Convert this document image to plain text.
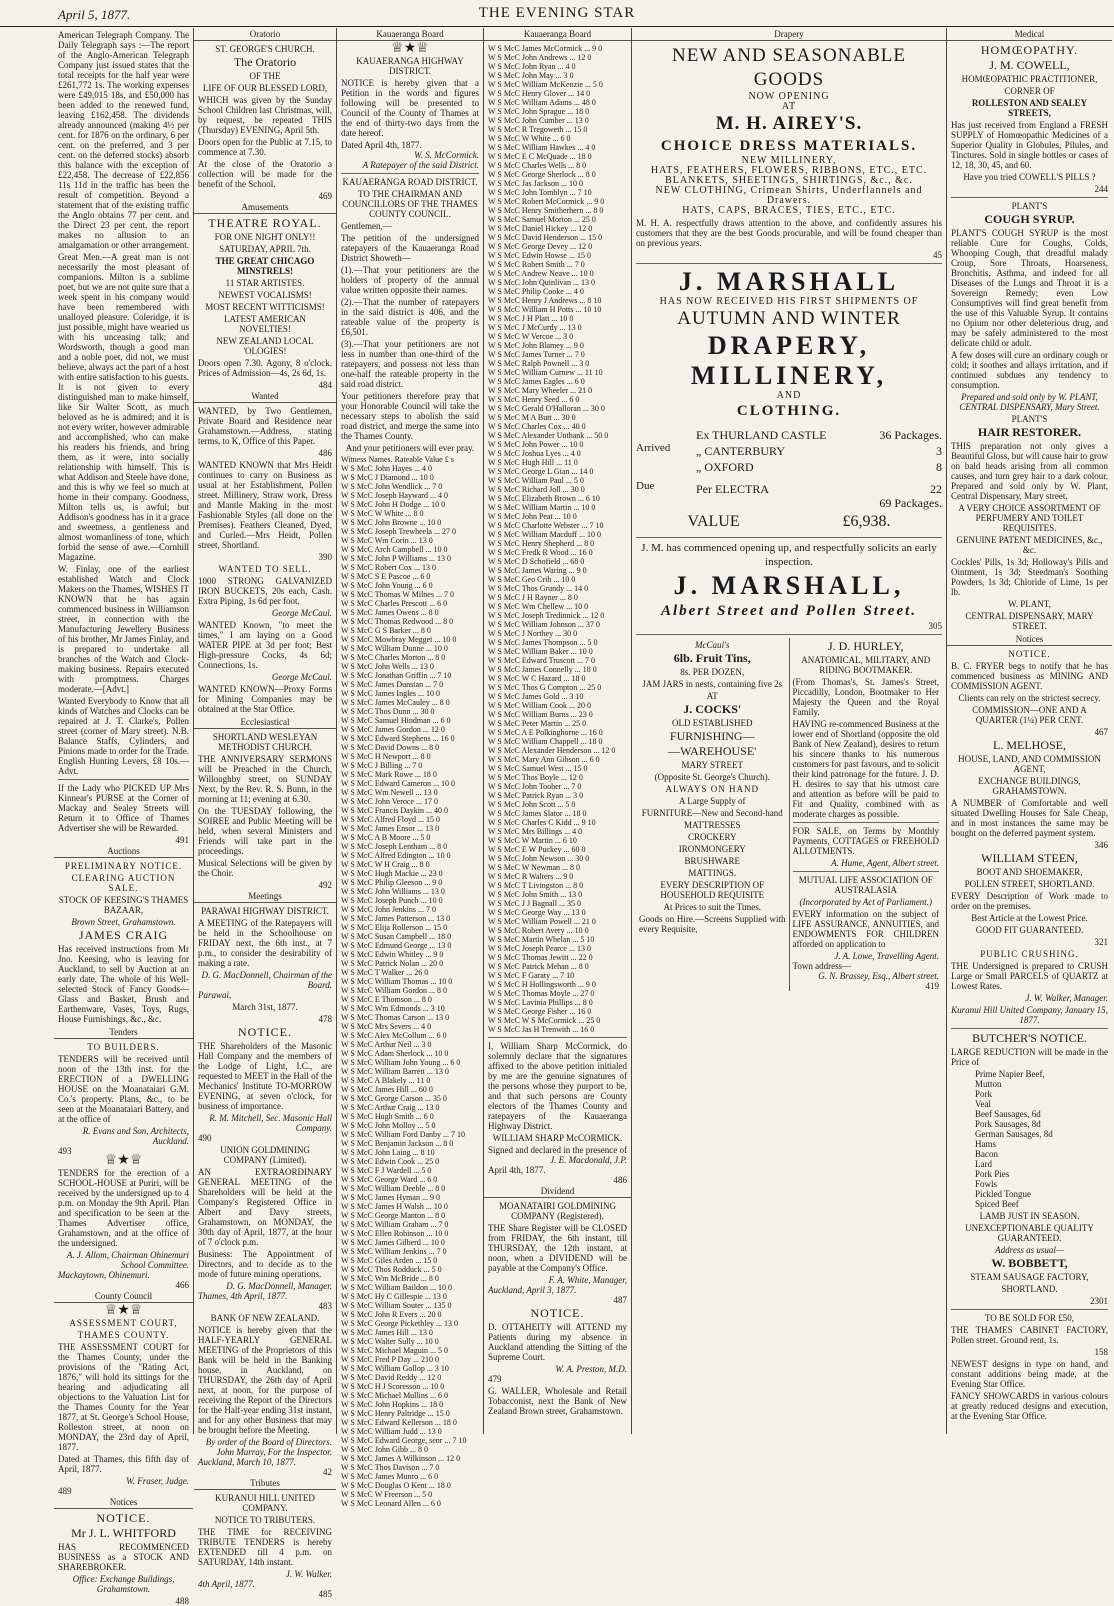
April 5, 1877.	THE EVENING STAR

American Telegraph Company. The Daily Telegraph says :—The report of the Anglo-American Telegraph Company just issued states that the total receipts for the half year were £261,772 1s. The working expenses were £49,015 18s, and £50,000 has been added to the renewed fund, leaving £162,458. The dividends already announced (making 4½ per cent. for 1876 on the ordinary, 6 per cent. on the preferred, and 3 per cent. on the deferred stocks) absorb this balance with the exception of £22,458. The decrease of £22,856 11s 11d in the traffic has been the result of competition. Beyond a statement that of the existing traffic the Anglo obtains 77 per cent. and the Direct 23 per cent. the report makes no allusion to an amalgamation or other arrangement.

Great Men.—A great man is not necessarily the most pleasant of companions. Milton is a sublime poet, but we are not quite sure that a week spent in his company would have been remembered with unalloyed pleasure. Coleridge, it is just possible, might have wearied us with his unceasing talk; and Wordsworth, though a good man and a noble poet, did not, we must believe, always act the part of a host with entire satisfaction to his guests. It is not given to every distinguished man to make himself, like Sir Walter Scott, as much beloved as he is admired; and it is not every writer, however admirable and accomplished, who can make his readers his friends, and bring them, as it were, into socially relationship with himself. This is what Addison and Steele have done, and this is why we feel so much at home in their company. Goodness, Milton tells us, is awful; but Addison's goodness has in it a grace and sweetness, a gentleness and almost womanliness of tone, which forbid the sense of awe.—Cornhill Magazine.

W. Finlay, one of the earliest established Watch and Clock Makers on the Thames, WISHES IT KNOWN that he has again commenced business in Williamson street, in connection with the Manufacturing Jewellery Business of his brother, Mr James Finlay, and is prepared to undertake all branches of the Watch and Clock-making business. Repairs executed with promptness. Charges moderate.—[Advt.]

Wanted Everybody to Know that all kinds of Watches and Clocks can be repaired at J. T. Clarke's, Pollen street (corner of Mary street). N.B. Balance Staffs, Cylinders, and Pinions made to order for the Trade. English Hunting Levers, £8 10s.—Advt.

If the Lady who PICKED UP Mrs Kinnear's PURSE at the Corner of Mackay and Sealey Streets will Return it to Office of Thames Advertiser she will be Rewarded.

491
Auctions
PRELIMINARY NOTICE.
CLEARING AUCTION SALE.
STOCK OF KEESING'S THAMES BAZAAR,
Brown Street, Grahamstown.
JAMES CRAIG

Has received instructions from Mr Jno. Keesing, who is leaving for Auckland, to sell by Auction at an early date, The whole of his Well-selected Stock of Fancy Goods—Glass and Basket, Brush and Earthenware, Vases, Toys, Rugs, House Furnishings, &c., &c.

Tenders
TO BUILDERS.

TENDERS will be received until noon of the 13th inst. for the ERECTION of a DWELLING HOUSE on the Moanataiari G.M. Co.'s property. Plans, &c., to be seen at the Moanataiari Battery, and at the office of

R. Evans and Son, Architects, Auckland.
493
♕★♕

TENDERS for the erection of a SCHOOL-HOUSE at Puriri, will be received by the undersigned up to 4 p.m. on Monday the 9th April. Plan and specification to be seen at the Thames Advertiser office, Grahamstown, and at the office of the undersigned.

A. J. Allom, Chairman Ohinemuri School Committee.
Mackaytown, Ohinemuri.
466
County Council
♕★♕
ASSESSMENT COURT,
THAMES COUNTY.

THE ASSESSMENT COURT for the Thames County, under the provisions of the "Rating Act, 1876," will hold its sittings for the hearing and adjudicating all objections to the Valuation List for the Thames County for the Year 1877, at St. George's School House, Rolleston street, at noon on MONDAY, the 23rd day of April, 1877.

Dated at Thames, this fifth day of April, 1877.

W. Fraser, Judge.
489
Notices
NOTICE.
Mr J. L. WHITFORD

HAS RECOMMENCED BUSINESS as a STOCK AND SHAREBROKER.

Office: Exchange Buildings, Grahamstown.
488
Oratorio
ST. GEORGE'S CHURCH.
The Oratorio
OF THE
LIFE OF OUR BLESSED LORD,

WHICH was given by the Sunday School Children last Christmas, will, by request, be repeated THIS (Thursday) EVENING, April 5th.

Doors open for the Public at 7.15, to commence at 7.30.

At the close of the Oratorio a collection will be made for the benefit of the School.

469
Amusements
THEATRE ROYAL.
FOR ONE NIGHT ONLY!!
SATURDAY, APRIL 7th.
THE GREAT CHICAGO MINSTRELS!
11 STAR ARTISTES.
NEWEST VOCALISMS!
MOST RECENT WITTICISMS!
LATEST AMERICAN NOVELTIES!
NEW ZEALAND LOCAL 'OLOGIES!

Doors open 7.30. Agony, 8 o'clock. Prices of Admission—4s, 2s 6d, 1s.

484
Wanted

WANTED, by Two Gentlemen, Private Board and Residence near Grahamstown.—Address, stating terms, to K, Office of this Paper.

486

WANTED KNOWN that Mrs Heidt continues to carry on Business as usual at her Establishment, Pollen street. Millinery, Straw work, Dress and Mantle Making in the most Fashionable Styles (all done on the Premises). Feathers Cleaned, Dyed, and Curled.—Mrs Heidt, Pollen street, Shortland.

390
WANTED TO SELL.

1000 STRONG GALVANIZED IRON BUCKETS, 20s each, Cash. Extra Piping, 1s 6d per foot.

George McCaul.

WANTED Known, "to meet the times," I am laying on a Good WATER PIPE at 3d per foot; Best High-pressure Cocks, 4s 6d; Connections, 1s.

George McCaul.

WANTED KNOWN—Proxy Forms for Mining Companies may be obtained at the Star Office.

Ecclesiastical
SHORTLAND WESLEYAN METHODIST CHURCH.

THE ANNIVERSARY SERMONS will be Preached in the Church, Willoughby street, on SUNDAY Next, by the Rev. R. S. Bunn, in the morning at 11; evening at 6.30.

On the TUESDAY following, the SOIREE and Public Meeting will be held, when several Ministers and Friends will take part in the proceedings.

Musical Selections will be given by the Choir.

492
Meetings
PARAWAI HIGHWAY DISTRICT.

A MEETING of the Ratepayers will be held in the Schoolhouse on FRIDAY next, the 6th inst., at 7 p.m., to consider the desirability of making a rate.

D. G. MacDonnell, Chairman of the Board.
Parawai,
March 31st, 1877.
478
NOTICE.

THE Shareholders of the Masonic Hall Company and the members of the Lodge of Light, I.C., are requested to MEET in the Hall of the Mechanics' Institute TO-MORROW EVENING, at seven o'clock, for business of importance.

R. M. Mitchell, Sec. Masonic Hall Company.
490
UNION GOLDMINING COMPANY (Limited).

AN EXTRAORDINARY GENERAL MEETING of the Shareholders will be held at the Company's Registered Office in Albert and Davy streets, Grahamstown, on MONDAY, the 30th day of April, 1877, at the hour of 7 o'clock p.m.

Business: The Appointment of Directors, and to decide as to the mode of future mining operations.

D. G. MacDonnell, Manager.
Thames, 4th April, 1877.
483
BANK OF NEW ZEALAND.

NOTICE is hereby given that the HALF-YEARLY GENERAL MEETING of the Proprietors of this Bank will be held in the Banking house, in Auckland, on THURSDAY, the 26th day of April next, at noon, for the purpose of receiving the Report of the Directors for the Half-year ending 31st instant, and for any other Business that may be brought before the Meeting.

By order of the Board of Directors. John Murray, For the Inspector.
Auckland, March 10, 1877.
42
Tributes
KURANUI HILL UNITED COMPANY.
NOTICE TO TRIBUTERS.

THE TIME for RECEIVING TRIBUTE TENDERS is hereby EXTENDED till 4 p.m. on SATURDAY, 14th instant.

J. W. Walker.
4th April, 1877.
485
Kauaeranga Board
♕★♕
KAUAERANGA HIGHWAY DISTRICT.

NOTICE is hereby given that a Petition in the words and figures following will be presented to Council of the County of Thames at the end of thirty-two days from the date hereof.

Dated April 4th, 1877.
W. S. McCormick.
A Ratepayer of the said District.
KAUAERANGA ROAD DISTRICT.
TO THE CHAIRMAN AND COUNCILLORS OF THE THAMES COUNTY COUNCIL.
Gentlemen,—

The petition of the undersigned ratepayers of the Kauaeranga Road District Showeth—

(1).—That your petitioners are the holders of property of the annual value written opposite their names.

(2).—That the number of ratepayers in the said district is 406, and the rateable value of the property is £6,501.

(3).—That your petitioners are not less in number than one-third of the ratepayers, and possess not less than one-half the rateable property in the said road district.

Your petitioners therefore pray that your Honorable Council will take the necessary steps to abolish the said road district, and merge the same into the Thames County.

And your petitioners will ever pray.
Witness Names. Rateable Value £ s
W S McC John Hayes ... 4 0
W S McC J Diamond ... 10 0
W S McC John Wendlick ... 7 0
W S McC Joseph Hayward ... 4 0
W S McC John H Dodge ... 10 0
W S McC W White ... 8 0
W S McC John Browne ... 10 0
W S McC Joseph Trewheela ... 27 0
W S McC Wm Corin ... 13 0
W S McC Arch Campbell ... 10 0
W S McC John P Williams ... 13 0
W S McC Robert Cox ... 13 0
W S McC S E Pascoe ... 6 0
W S McC John Young ... 6 0
W S McC Thomas W Milnes ... 7 0
W S McC Charles Prescott ... 6 0
W S McC James Owens ... 8 0
W S McC Thomas Redwood ... 8 0
W S McC G S Barker ... 8 0
W S McC Mowbray Megget ... 10 0
W S McC William Dunne ... 10 0
W S McC Charles Morton ... 8 0
W S McC John Wells ... 13 0
W S McC Jonathan Griffin ... 7 10
W S McC James Dunstan ... 7 0
W S McC James Ingles ... 10 0
W S McC James McCauley ... 8 0
W S McC Thos Dunn ... 30 0
W S McC Samuel Hindman ... 6 0
W S McC James Gordon ... 12 0
W S McC Edward Stephens ... 16 0
W S McC David Downs ... 8 0
W S McC H Newport ... 8 0
W S McC J Billing ... 7 0
W S McC Mark Rowe ... 18 0
W S McC Edward Cameron ... 10 0
W S McC Wm Newell ... 13 0
W S McC John Veroce ... 17 0
W S McC Francis Daykin ... 40 0
W S McC Alfred Floyd ... 15 0
W S McC James Ensor ... 13 0
W S McC A B Moore ... 5 0
W S McC Joseph Lentham ... 8 0
W S McC Alfred Edington ... 10 0
W S McC W H Craig ... 8 0
W S McC Hugh Mackie ... 23 0
W S McC Philip Gleeson ... 9 0
W S McC John Williams ... 13 0
W S McC Joseph Punch ... 10 0
W S McC John Jenkins ... 7 0
W S McC James Patterson ... 13 0
W S McC Elija Rollerson ... 15 0
W S McC Susan Campbell ... 18 0
W S McC Edmund George ... 13 0
W S McC Edwin Whitley ... 9 0
W S McC Patrick Nolan ... 20 0
W S McC T Walker ... 26 0
W S McC William Thomas ... 10 0
W S McC William Gordon ... 8 0
W S McC E Thomson ... 8 0
W S McC Wm Edmonds ... 3 10
W S McC Thomas Carson ... 13 0
W S McC Mrs Severs ... 4 0
W S McC Alex McCollum ... 6 0
W S McC Arthur Neil ... 3 0
W S McC Adam Sherlock ... 10 0
W S McC William John Young ... 6 0
W S McC William Barrett ... 13 0
W S McC A Blakely ... 11 0
W S McC James Hill ... 60 0
W S McC George Carson ... 35 0
W S McC Arthur Craig ... 13 0
W S McC Hugh Smith ... 6 0
W S McC John Molloy ... 5 0
W S McC William Ford Danby ... 7 10
W S McC Benjamin Jackson ... 8 0
W S McC John Laing ... 8 10
W S McC Edwin Cook ... 25 0
W S McC F J Wardell ... 5 0
W S McC George Ward ... 6 0
W S McC William Deeble ... 8 0
W S McC James Hyman ... 9 0
W S McC James H Walsh ... 10 0
W S McC George Manton ... 8 0
W S McC William Graham ... 7 0
W S McC Ellen Robinson ... 10 0
W S McC James Gilberd ... 10 0
W S McC William Jenkins ... 7 0
W S McC Giles Arden ... 15 0
W S McC Thos Rodduck ... 5 0
W S McC Wm McBride ... 8 0
W S McC William Baildon ... 10 0
W S McC Hy C Gillespie ... 13 0
W S McC William Souter ... 135 0
W S McC John R Evers ... 20 0
W S McC George Pickethley ... 13 0
W S McC James Hill ... 13 0
W S McC Walter Sully ... 10 0
W S McC Michael Maguin ... 5 0
W S McC Fred P Day ... 210 0
W S McC William Gollop ... 3 10
W S McC David Reddy ... 12 0
W S McC H J Scoresson ... 10 0
W S McC Michael Mullins ... 6 0
W S McC John Hopkins ... 18 0
W S McC Henry Paltridge ... 15 0
W S McC Edward Kellerson ... 18 0
W S McC William Judd ... 13 0
W S McC Edward George, senr ... 7 10
W S McC John Gibb ... 8 0
W S McC James A Wilkinson ... 12 0
W S McC Thos Davison ... 7 0
W S McC James Munro ... 6 0
W S McC Douglas O Kent ... 18 0
W S McC W Freerson ... 5 0
W S McC Leonard Allen ... 6 0
Kauaeranga Board
W S McC James McCormick ... 9 0
W S McC John Andrews ... 12 0
W S McC John Ryan ... 4 0
W S McC John May ... 3 0
W S McC William McKenzie ... 5 0
W S McC Henry Glover ... 14 0
W S McC William Adams ... 48 0
W S McC John Sprague ... 18 0
W S McC John Cumber ... 13 0
W S McC R Tregoweth ... 15 0
W S McC W White ... 6 0
W S McC William Hawkes ... 4 0
W S McC E C McQuade ... 18 0
W S McC Charles Wells ... 8 0
W S McC George Sherlock ... 8 0
W S McC Jas Jackson ... 10 0
W S McC John Tomblyn ... 7 10
W S McC Robert McCormick ... 9 0
W S McC Henry Smitherhern ... 8 0
W S McC Samuel Morton ... 25 0
W S McC Daniel Hickey ... 12 0
W S McC David Henderson ... 15 0
W S McC George Devey ... 12 0
W S McC Edwin Howse ... 15 0
W S McC Robert Smith ... 7 0
W S McC Andrew Neave ... 10 0
W S McC John Quinlivan ... 13 0
W S McC Philip Cooke ... 4 0
W S McC Henry J Andrews ... 8 10
W S McC William H Potts ... 10 10
W S McC J H Platt ... 10 0
W S McC J McCurdy ... 13 0
W S McC W Vercoe ... 3 0
W S McC John Blamey ... 9 0
W S McC James Turner ... 7 0
W S McC Ralph Pownell ... 3 0
W S McC William Curnew ... 11 10
W S McC James Eagles ... 6 0
W S McC Mary Wheeler ... 21 0
W S McC Henry Seed ... 6 0
W S McC Gerald O'Halloran ... 30 0
W S McC M A Butt ... 30 0
W S McC Charles Cox ... 40 0
W S McC Alexander Unthank ... 50 0
W S McC John Power ... 10 0
W S McC Joshua Lyes ... 4 0
W S McC Hugh Hill ... 11 0
W S McC George L Gian ... 14 0
W S McC William Paul ... 5 0
W S McC Richard Joll ... 30 0
W S McC Elizabeth Brown ... 6 10
W S McC William Martin ... 10 0
W S McC John Peat ... 10 0
W S McC Charlotte Webster ... 7 10
W S McC William Macduff ... 10 0
W S McC Henry Shepherd ... 8 0
W S McC Fredk R Wood ... 16 0
W S McC D Schofield ... 68 0
W S McC James Waring ... 9 0
W S McC Geo Crib ... 10 0
W S McC Thos Grundy ... 14 0
W S McC J H Rayner ... 8 0
W S McC Wm Chellew ... 10 0
W S McC Joseph Tredinnick ... 12 0
W S McC William Johnson ... 37 0
W S McC J Northey ... 30 0
W S McC James Thompson ... 5 0
W S McC William Baker ... 10 0
W S McC Edward Truscott ... 7 0
W S McC James Connelly ... 18 0
W S McC W C Hazard ... 18 0
W S McC Thos G Compton ... 25 0
W S McC James Gold ... 3 10
W S McC William Cook ... 20 0
W S McC William Burns ... 23 0
W S McC Peter Martin ... 25 0
W S McC A E Polkinghorne ... 16 0
W S McC William Chappell ... 18 0
W S McC Alexander Henderson ... 12 0
W S McC Mary Ann Gibson ... 6 0
W S McC Samuel West ... 15 0
W S McC Thos Boyle ... 12 0
W S McC John Tooher ... 7 0
W S McC Patrick Ryan ... 3 0
W S McC John Scott ... 5 0
W S McC James Slator ... 18 0
W S McC Charles C Kidd ... 9 10
W S McC Mrs Billings ... 4 0
W S McC W Martin ... 6 10
W S McC E W Puckey ... 60 0
W S McC John Newson ... 30 0
W S McC W Newman ... 8 0
W S McC R Walters ... 9 0
W S McC T Livingston ... 8 0
W S McC John Smith ... 13 0
W S McC J J Bagnall ... 35 0
W S McC George Way ... 13 0
W S McC William Powell ... 21 0
W S McC Robert Avery ... 10 0
W S McC Martin Whelan ... 5 10
W S McC Joseph Pearce ... 13 0
W S McC Thomas Jewitt ... 22 0
W S McC Patrick Mehan ... 8 0
W S McC F Garaty ... 7 10
W S McC H Hollingsworth ... 9 0
W S McC Thomas Moyle ... 27 0
W S McC Lavinia Phillips ... 8 0
W S McC George Fisher ... 16 0
W S McC W S McCormick ... 25 0
W S McC Jas H Trenwith ... 16 0

I, William Sharp McCormick, do solemnly declare that the signatures affixed to the above petition initialed by me are the genuine signatures of the persons whose they purport to be, and that such persons are County electors of the Thames County and ratepayers of the Kauaeranga Highway District.

WILLIAM SHARP McCORMICK.
Signed and declared in the presence of
J. E. Macdonald, J.P.
April 4th, 1877.
486
Dividend
MOANATAIRI GOLDMINING COMPANY (Registered).

THE Share Register will be CLOSED from FRIDAY, the 6th instant, till THURSDAY, the 12th instant, at noon, when a DIVIDEND will be payable at the Company's Office.

F. A. White, Manager,
Auckland, April 3, 1877.
487
NOTICE.

D. OTTAHEITY will ATTEND my Patients during my absence in Auckland attending the Sitting of the Supreme Court.

W. A. Preston, M.D.
479

G. WALLER, Wholesale and Retail Tobacconist, next the Bank of New Zealand Brown street, Grahamstown.

Drapery
NEW AND SEASONABLE GOODS
NOW OPENING
AT
M. H. AIREY'S.
CHOICE DRESS MATERIALS.
NEW MILLINERY,
HATS, FEATHERS, FLOWERS, RIBBONS, ETC., ETC.
BLANKETS, SHEETINGS, SHIRTINGS, &c., &c.
NEW CLOTHING, Crimean Shirts, Underflannels and Drawers.
HATS, CAPS, BRACES, TIES, ETC., ETC.

M. H. A. respectfully draws attention to the above, and confidently assures his customers that they are the best Goods procurable, and will be found cheaper than on previous years.

45
J. MARSHALL
HAS NOW RECEIVED HIS FIRST SHIPMENTS OF
AUTUMN AND WINTER
DRAPERY, MILLINERY,
AND
CLOTHING.
Arrived
Ex THURLAND CASTLE	36 Packages.
„ CANTERBURY	3
„ OXFORD	8
Due	Per ELECTRA	22
69 Packages.
VALUE	£6,938.
J. M. has commenced opening up, and respectfully solicits an early inspection.
J. MARSHALL,
Albert Street and Pollen Street.
305
McCaul's
6lb. Fruit Tins,
8s. PER DOZEN,
JAM JARS in nests, containing five 2s
AT
J. COCKS'
OLD ESTABLISHED
FURNISHING—
—WAREHOUSE'
MARY STREET
(Opposite St. George's Church).
ALWAYS ON HAND
A Large Supply of
FURNITURE—New and Second-hand
MATTRESSES
CROCKERY
IRONMONGERY
BRUSHWARE
MATTINGS.
EVERY DESCRIPTION OF HOUSEHOLD REQUISITE
At Prices to suit the Times.

Goods on Hire.—Screens Supplied with every Requisite,

J. D. HURLEY,
ANATOMICAL, MILITARY, AND RIDING BOOTMAKER.

(From Thomas's, St. James's Street, Piccadilly, London, Bootmaker to Her Majesty the Queen and the Royal Family.

HAVING re-commenced Business at the lower end of Shortland (opposite the old Bank of New Zealand), desires to return his sincere thanks to his numerous customers for past favours, and to solicit their kind patronage for the future. J. D. H. desires to say that his utmost care and attention as before will be paid to Fit and Quality, combined with as moderate charges as possible.

FOR SALE, on Terms by Monthly Payments, COTTAGES or FREEHOLD ALLOTMENTS.

A. Hume, Agent, Albert street.
MUTUAL LIFE ASSOCIATION OF AUSTRALASIA
(Incorporated by Act of Parliament.)

EVERY information on the subject of LIFE ASSURANCE, ANNUITIES, and ENDOWMENTS FOR CHILDREN afforded on application to

J. A. Lowe, Travelling Agent.
Town address—
G. N. Brassey, Esq., Albert street.
419
Medical
HOMŒOPATHY.
J. M. COWELL,
HOMŒOPATHIC PRACTITIONER,
CORNER OF
ROLLESTON AND SEALEY STREETS,

Has just received from England a FRESH SUPPLY of Homœopathic Medicines of a Superior Quality in Globules, Pilules, and Tinctures. Sold in single bottles or cases of 12, 18, 30, 45, and 60.

Have you tried COWELL'S PILLS ?
244
PLANT'S
COUGH SYRUP.

PLANT'S COUGH SYRUP is the most reliable Cure for Coughs, Colds, Whooping Cough, that dreadful malady Croup, Sore Throats, Hoarseness, Bronchitis, Asthma, and indeed for all Diseases of the Lungs and Throat it is a Sovereign Remedy; even Low Consumptives will find great benefit from the use of this Valuable Syrup. It contains no Opium nor other deleterious drug, and may be safely administered to the most delicate child or adult.

A few doses will cure an ordinary cough or cold; it soothes and allays irritation, and if continued subdues any tendency to consumption.

Prepared and sold only by W. PLANT, CENTRAL DISPENSARY, Mary Street.
PLANT'S
HAIR RESTORER.

THIS preparation not only gives a Beautiful Gloss, but will cause hair to grow on bald heads arising from all common causes, and turn grey hair to a dark colour. Prepared and sold only by W. Plant, Central Dispensary, Mary street.

A VERY CHOICE ASSORTMENT OF PERFUMERY AND TOILET REQUISITES.
GENUINE PATENT MEDICINES, &c., &c.

Cockles' Pills, 1s 3d; Holloway's Pills and Ointment, 1s 3d; Steedman's Soothing Powders, 1s 3d; Chloride of Lime, 1s per lb.

W. PLANT,
CENTRAL DISPENSARY, MARY STREET.
Notices
NOTICE.

B. C. FRYER begs to notify that he has commenced business as MINING AND COMMISSION AGENT.

Clients can rely on the strictest secrecy.
COMMISSION—ONE AND A QUARTER (1¼) PER CENT.
467
L. MELHOSE,
HOUSE, LAND, AND COMMISSION AGENT,
EXCHANGE BUILDINGS, GRAHAMSTOWN.

A NUMBER of Comfortable and well situated Dwelling Houses for Sale Cheap, and in most instances the same may be bought on the deferred payment system.

346
WILLIAM STEEN,
BOOT AND SHOEMAKER,
POLLEN STREET, SHORTLAND.

EVERY Description of Work made to order on the premises.

Best Article at the Lowest Price.
GOOD FIT GUARANTEED.
321
PUBLIC CRUSHING.

THE Undersigned is prepared to CRUSH Large or Small PARCELS of QUARTZ at Lowest Rates.

J. W. Walker, Manager.
Kuranui Hill United Company, January 15, 1877.
BUTCHER'S NOTICE.

LARGE REDUCTION will be made in the Price of

Prime Napier Beef,
Mutton
Pork
Veal
Beef Sausages, 6d
Pork Sausages, 8d
German Sausages, 8d
Hams
Bacon
Lard
Pork Pies
Fowls
Pickled Tongue
Spiced Beef
LAMB JUST IN SEASON.
UNEXCEPTIONABLE QUALITY GUARANTEED.
Address as usual—
W. BOBBETT,
STEAM SAUSAGE FACTORY,
SHORTLAND.
2301
TO BE SOLD FOR £50,

THE THAMES CABINET FACTORY, Pollen street. Ground rent, 1s.

158

NEWEST designs in type on hand, and constant additions being made, at the Evening Star Office.

FANCY SHOWCARDS in various colours at greatly reduced designs and execution, at the Evening Star Office.
